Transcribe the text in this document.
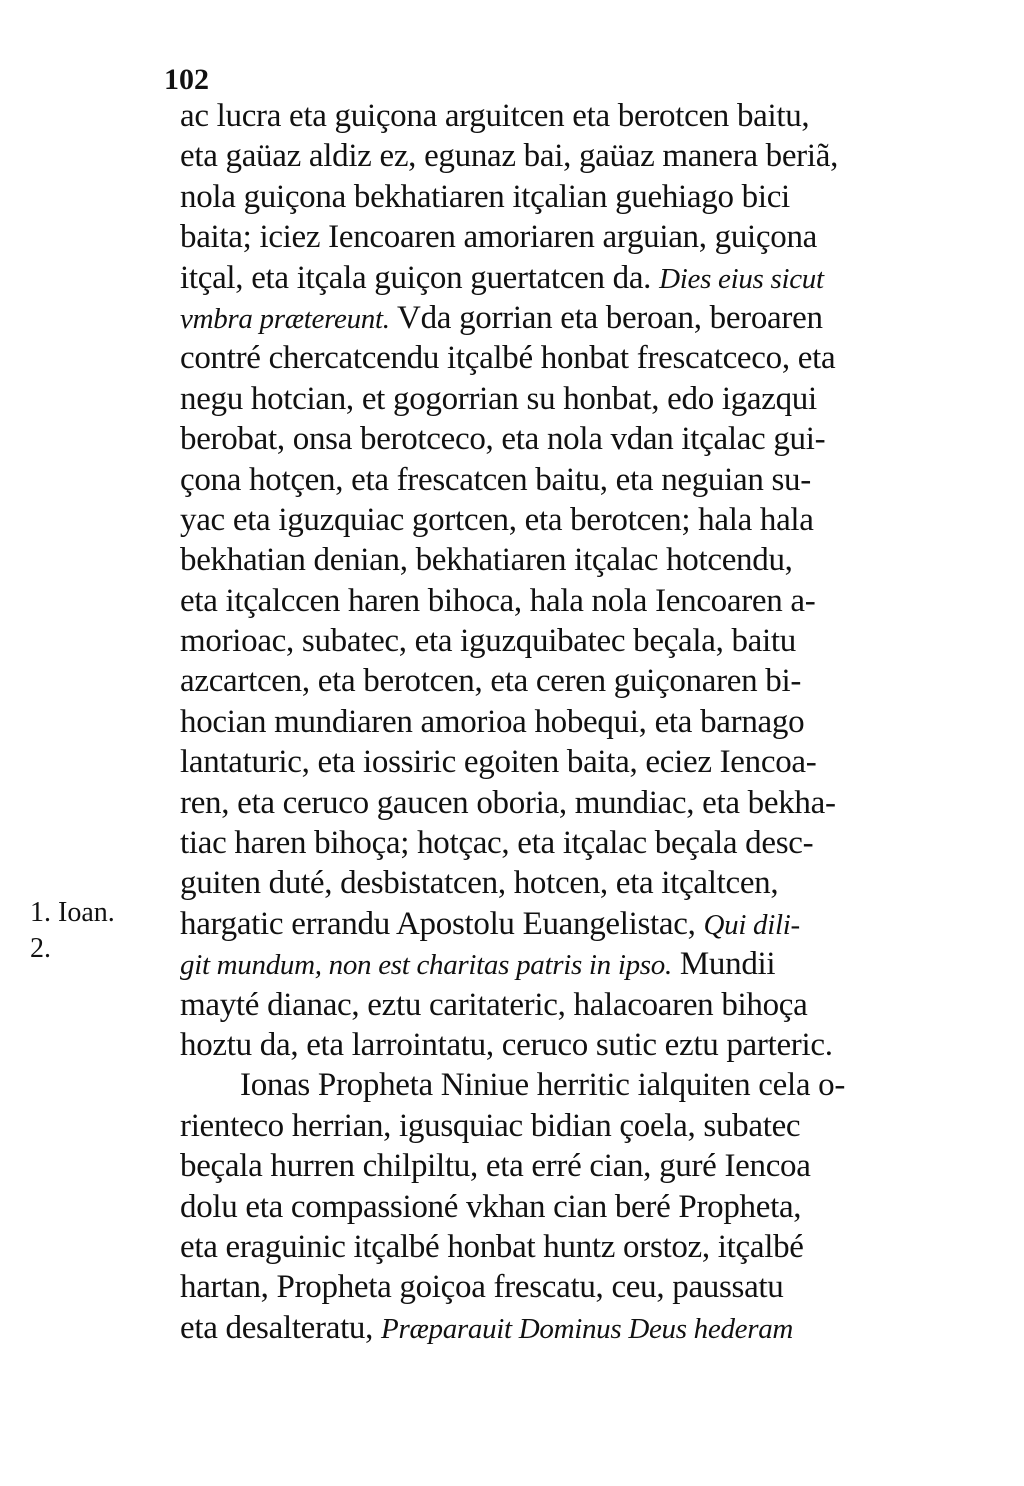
102
1. Ioan.
2.
ac lucra eta guiçona arguitcen eta berotcen baitu,
eta gaüaz aldiz ez, egunaz bai, gaüaz manera beriã,
nola guiçona bekhatiaren itçalian guehiago bici
baita; iciez Iencoaren amoriaren arguian, guiçona
itçal, eta itçala guiçon guertatcen da. Dies eius sicut
vmbra prætereunt. Vda gorrian eta beroan, beroaren
contré chercatcendu itçalbé honbat frescatceco, eta
negu hotcian, et gogorrian su honbat, edo igazqui
berobat, onsa berotceco, eta nola vdan itçalac gui-
çona hotçen, eta frescatcen baitu, eta neguian su-
yac eta iguzquiac gortcen, eta berotcen; hala hala
bekhatian denian, bekhatiaren itçalac hotcendu,
eta itçalccen haren bihoca, hala nola Iencoaren a-
morioac, subatec, eta iguzquibatec beçala, baitu
azcartcen, eta berotcen, eta ceren guiçonaren bi-
hocian mundiaren amorioa hobequi, eta barnago
lantaturic, eta iossiric egoiten baita, eciez Iencoa-
ren, eta ceruco gaucen oboria, mundiac, eta bekha-
tiac haren bihoça; hotçac, eta itçalac beçala desc-
guiten duté, desbistatcen, hotcen, eta itçaltcen,
hargatic errandu Apostolu Euangelistac, Qui dili-
git mundum, non est charitas patris in ipso. Mundii
mayté dianac, eztu caritateric, halacoaren bihoça
hoztu da, eta larrointatu, ceruco sutic eztu parteric.
Ionas Propheta Niniue herritic ialquiten cela o-
rienteco herrian, igusquiac bidian çoela, subatec
beçala hurren chilpiltu, eta erré cian, guré Iencoa
dolu eta compassioné vkhan cian beré Propheta,
eta eraguinic itçalbé honbat huntz orstoz, itçalbé
hartan, Propheta goiçoa frescatu, ceu, paussatu
eta desalteratu, Præparauit Dominus Deus hederam
